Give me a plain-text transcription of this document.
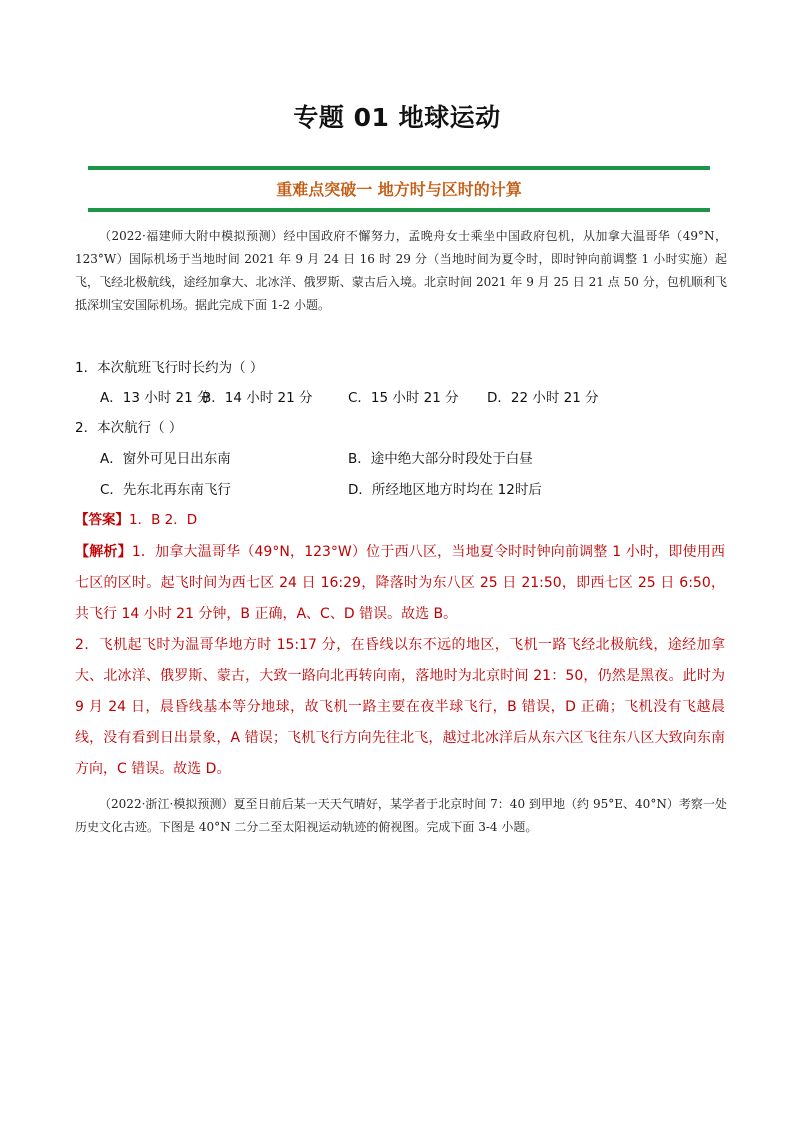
专题 01 地球运动
重难点突破一 地方时与区时的计算
（2022·福建师大附中模拟预测）经中国政府不懈努力，孟晚舟女士乘坐中国政府包机，从加拿大温哥华（49°N，123°W）国际机场于当地时间 2021 年 9 月 24 日 16 时 29 分（当地时间为夏令时，即时钟向前调整 1 小时实施）起飞，飞经北极航线，途经加拿大、北冰洋、俄罗斯、蒙古后入境。北京时间 2021 年 9 月 25 日 21 点 50 分，包机顺利飞抵深圳宝安国际机场。据此完成下面 1-2 小题。
1．本次航班飞行时长约为（ ）
A．13 小时 21 分
B．14 小时 21 分	C．15 小时 21 分 D．22 小时 21 分
2．本次航行（ ）
A．窗外可见日出东南	B．途中绝大部分时段处于白昼
C．先东北再东南飞行	D．所经地区地方时均在 12时后
【答案】1．B 2．D

【解析】1．加拿大温哥华（49°N，123°W）位于西八区，当地夏令时时钟向前调整 1 小时，即使用西七区的区时。起飞时间为西七区 24 日 16:29，降落时为东八区 25 日 21:50，即西七区 25 日 6:50，共飞行 14 小时 21 分钟，B 正确，A、C、D 错误。故选 B。

2．飞机起飞时为温哥华地方时 15:17 分，在昏线以东不远的地区，飞机一路飞经北极航线，途经加拿大、北冰洋、俄罗斯、蒙古，大致一路向北再转向南，落地时为北京时间 21：50，仍然是黑夜。此时为 9 月 24 日，晨昏线基本等分地球，故飞机一路主要在夜半球飞行，B 错误，D 正确；飞机没有飞越晨线，没有看到日出景象，A 错误；飞机飞行方向先往北飞，越过北冰洋后从东六区飞往东八区大致向东南方向，C 错误。故选 D。

（2022·浙江·模拟预测）夏至日前后某一天天气晴好，某学者于北京时间 7：40 到甲地（约 95°E、40°N）考察一处历史文化古迹。下图是 40°N 二分二至太阳视运动轨迹的俯视图。完成下面 3-4 小题。
